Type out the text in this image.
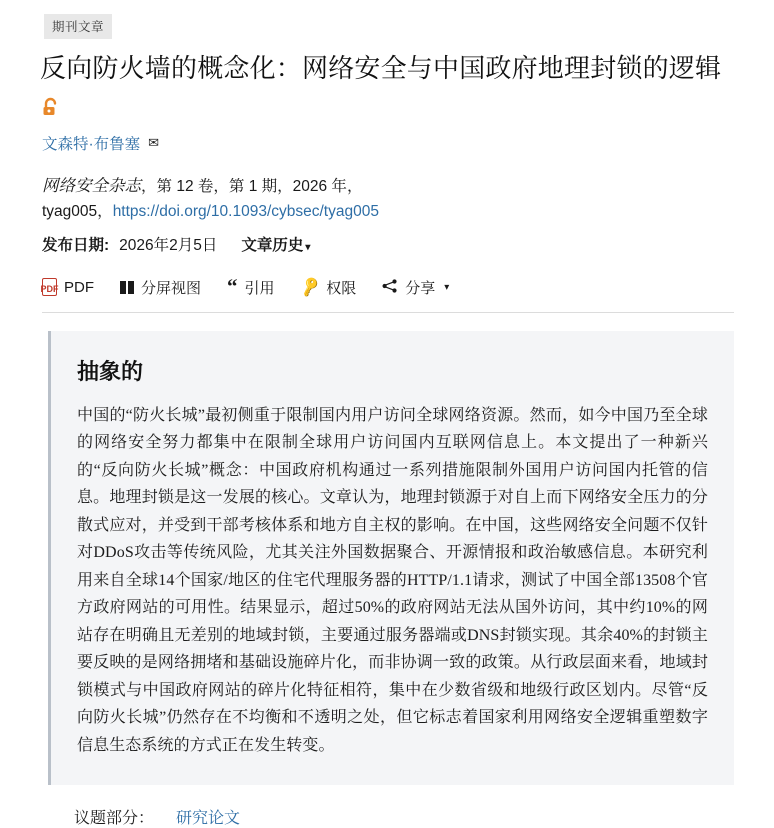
期刊文章
反向防火墙的概念化：网络安全与中国政府地理封锁的逻辑
文森特·布鲁塞 ✉
网络安全杂志，第 12 卷，第 1 期，2026 年，
tyag005，https://doi.org/10.1093/cybsec/tyag005
发布日期: 2026年2月5日 文章历史 ▾
PDF PDF	分屏视图 “ 引用 🔑 权限	分享 ▾
抽象的

中国的“防火长城”最初侧重于限制国内用户访问全球网络资源。然而，如今中国乃至全球的网络安全努力都集中在限制全球用户访问国内互联网信息上。本文提出了一种新兴的“反向防火长城”概念：中国政府机构通过一系列措施限制外国用户访问国内托管的信息。地理封锁是这一发展的核心。文章认为，地理封锁源于对自上而下网络安全压力的分散式应对，并受到干部考核体系和地方自主权的影响。在中国，这些网络安全问题不仅针对DDoS攻击等传统风险，尤其关注外国数据聚合、开源情报和政治敏感信息。本研究利用来自全球14个国家/地区的住宅代理服务器的HTTP/1.1请求，测试了中国全部13508个官方政府网站的可用性。结果显示，超过50%的政府网站无法从国外访问，其中约10%的网站存在明确且无差别的地域封锁，主要通过服务器端或DNS封锁实现。其余40%的封锁主要反映的是网络拥堵和基础设施碎片化，而非协调一致的政策。从行政层面来看，地域封锁模式与中国政府网站的碎片化特征相符，集中在少数省级和地级行政区划内。尽管“反向防火长城”仍然存在不均衡和不透明之处，但它标志着国家利用网络安全逻辑重塑数字信息生态系统的方式正在发生转变。

议题部分： 研究论文
